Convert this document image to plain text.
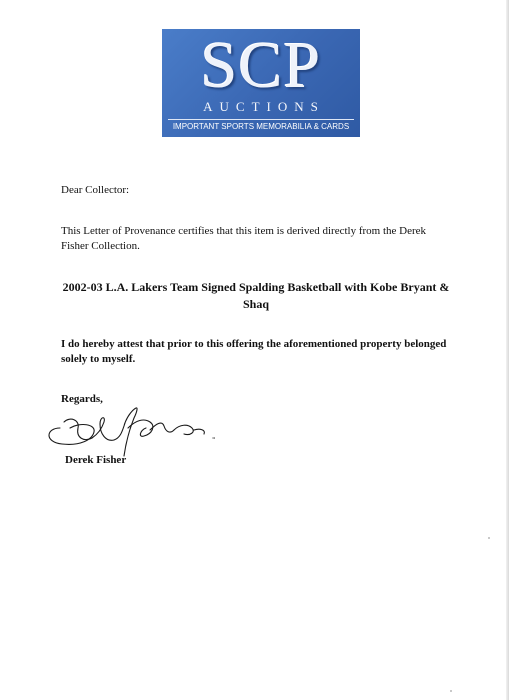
SCP
AUCTIONS
IMPORTANT SPORTS MEMORABILIA & CARDS
Dear Collector:
This Letter of Provenance certifies that this item is derived directly from the Derek Fisher Collection.
2002-03 L.A. Lakers Team Signed Spalding Basketball with Kobe Bryant & Shaq
I do hereby attest that prior to this offering the aforementioned property belonged solely to myself.
Regards,
Derek Fisher
